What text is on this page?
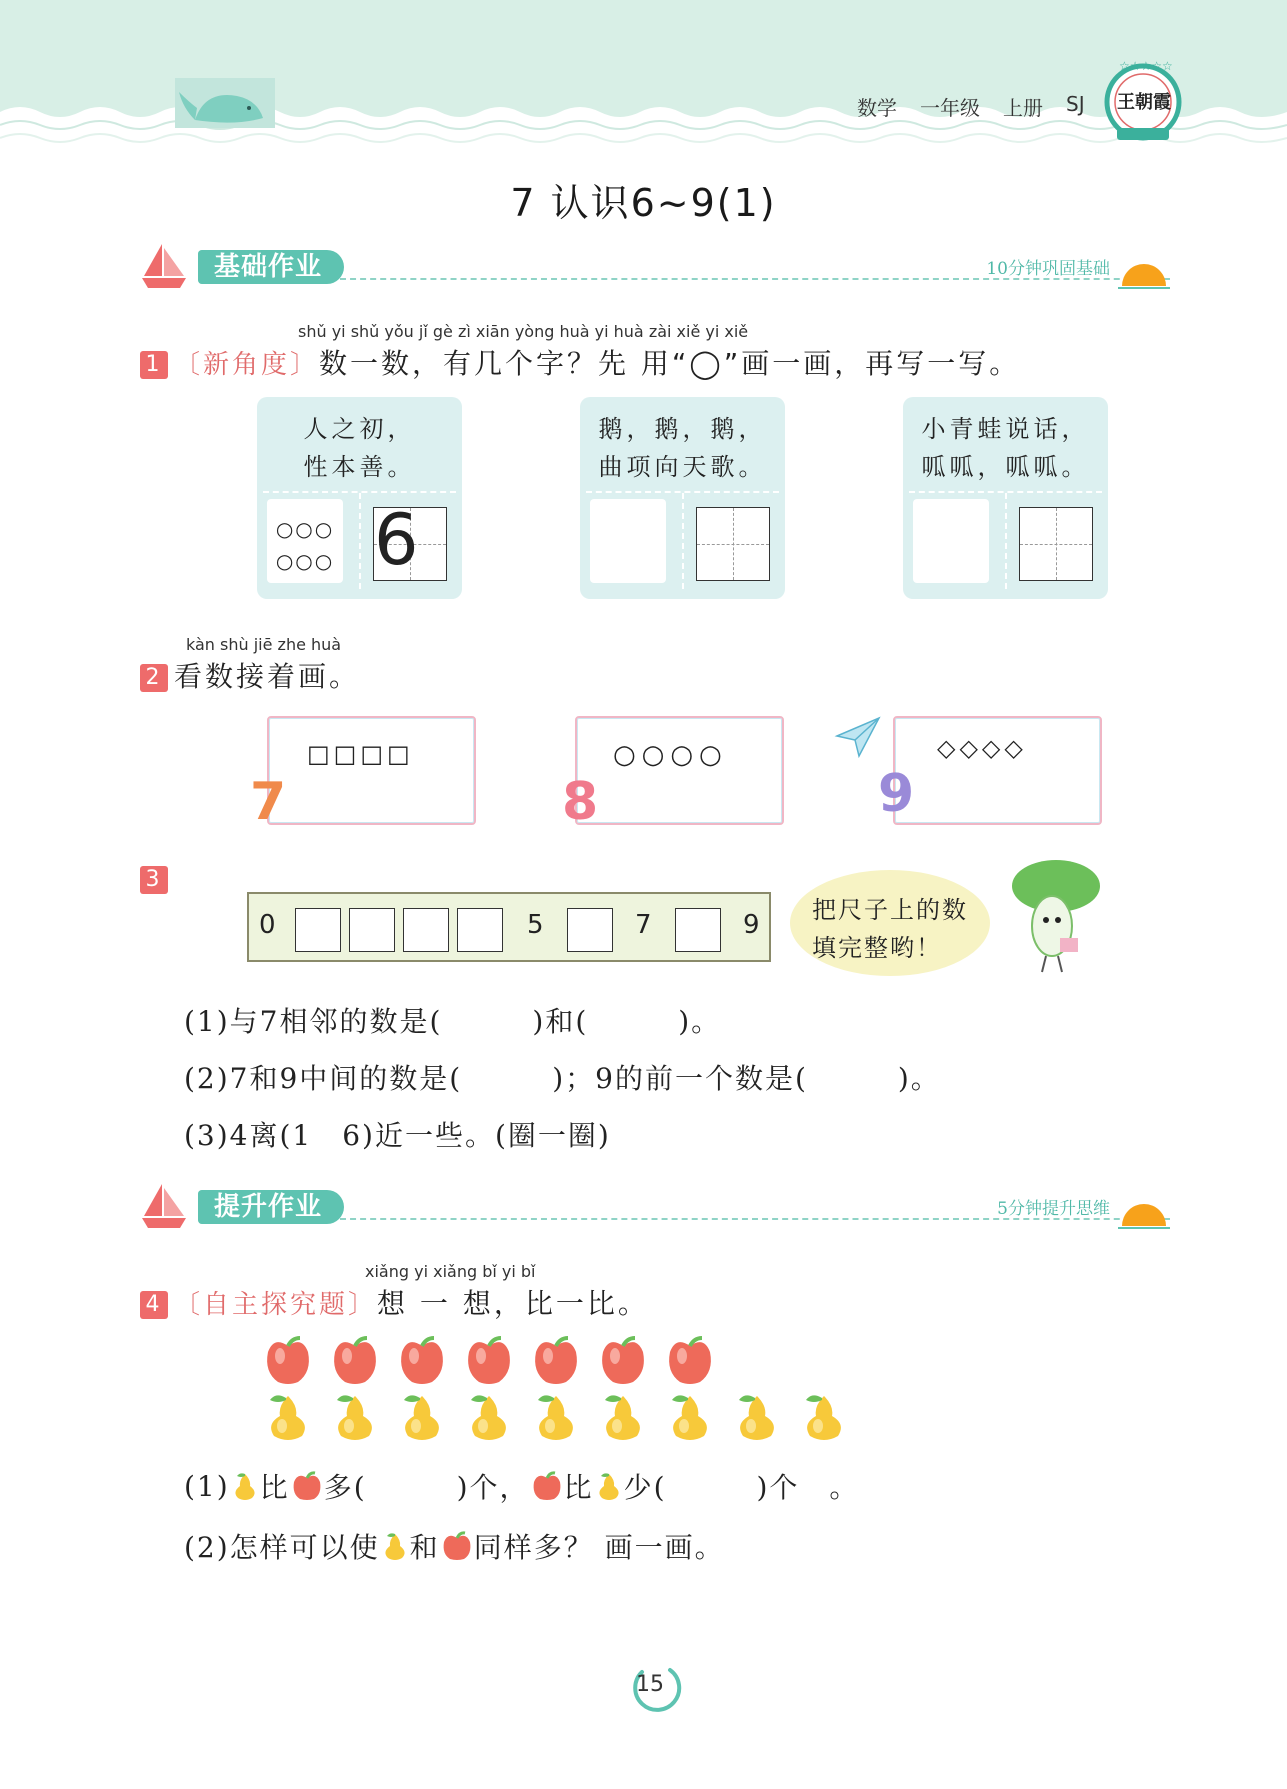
数学 一年级 上册 SJ
☆☆☆☆☆
王朝霞
7 认识6~9(1)
基础作业	10分钟巩固基础
shǔ yi shǔ yǒu jǐ gè zì xiān yòng huà yi huà zài xiě yi xiě
1 〔新角度〕数一数，有几个字？先 用“◯”画一画，再写一写。
人之初，
性本善。
○○○
○○○ 6
鹅，鹅，鹅，
曲项向天歌。
小青蛙说话，
呱呱，呱呱。
kàn shù jiē zhe huà
2 看数接着画。
□□□□
7
○○○○
8
◇◇◇◇
9
3
0	5	7	9 把尺子上的数
填完整哟！
(1)与7相邻的数是(　　　)和(　　　)。
(2)7和9中间的数是(　　　)；9的前一个数是(　　　)。
(3)4离(1　6)近一些。(圈一圈)
提升作业	5分钟提升思维
xiǎng yi xiǎng bǐ yi bǐ
4 〔自主探究题〕想 一 想，比一比。
(1) 比 多(　　　)个， 比 少(　　　)个　。
(2)怎样可以使 和 同样多？ 画一画。
15
